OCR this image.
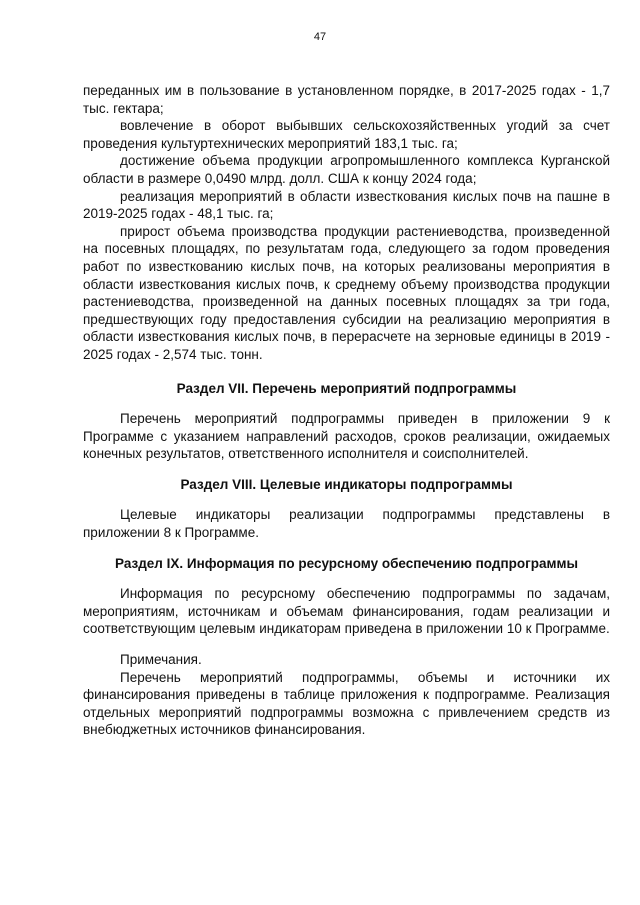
47

переданных им в пользование в установленном порядке, в 2017-2025 годах - 1,7 тыс. гектара;

вовлечение в оборот выбывших сельскохозяйственных угодий за счет проведения культуртехнических мероприятий 183,1 тыс. га;

достижение объема продукции агропромышленного комплекса Курганской области в размере 0,0490 млрд. долл. США к концу 2024 года;

реализация мероприятий в области известкования кислых почв на пашне в 2019-2025 годах - 48,1 тыс. га;

прирост объема производства продукции растениеводства, произведенной на посевных площадях, по результатам года, следующего за годом проведения работ по известкованию кислых почв, на которых реализованы мероприятия в области известкования кислых почв, к среднему объему производства продукции растениеводства, произведенной на данных посевных площадях за три года, предшествующих году предоставления субсидии на реализацию мероприятия в области известкования кислых почв, в перерасчете на зерновые единицы в 2019 - 2025 годах - 2,574 тыс. тонн.

Раздел VII. Перечень мероприятий подпрограммы

Перечень мероприятий подпрограммы приведен в приложении 9 к Программе с указанием направлений расходов, сроков реализации, ожидаемых конечных результатов, ответственного исполнителя и соисполнителей.

Раздел VIII. Целевые индикаторы подпрограммы

Целевые индикаторы реализации подпрограммы представлены в приложении 8 к Программе.

Раздел IX. Информация по ресурсному обеспечению подпрограммы

Информация по ресурсному обеспечению подпрограммы по задачам, мероприятиям, источникам и объемам финансирования, годам реализации и соответствующим целевым индикаторам приведена в приложении 10 к Программе.

Примечания.

Перечень мероприятий подпрограммы, объемы и источники их финансирования приведены в таблице приложения к подпрограмме. Реализация отдельных мероприятий подпрограммы возможна с привлечением средств из внебюджетных источников финансирования.
